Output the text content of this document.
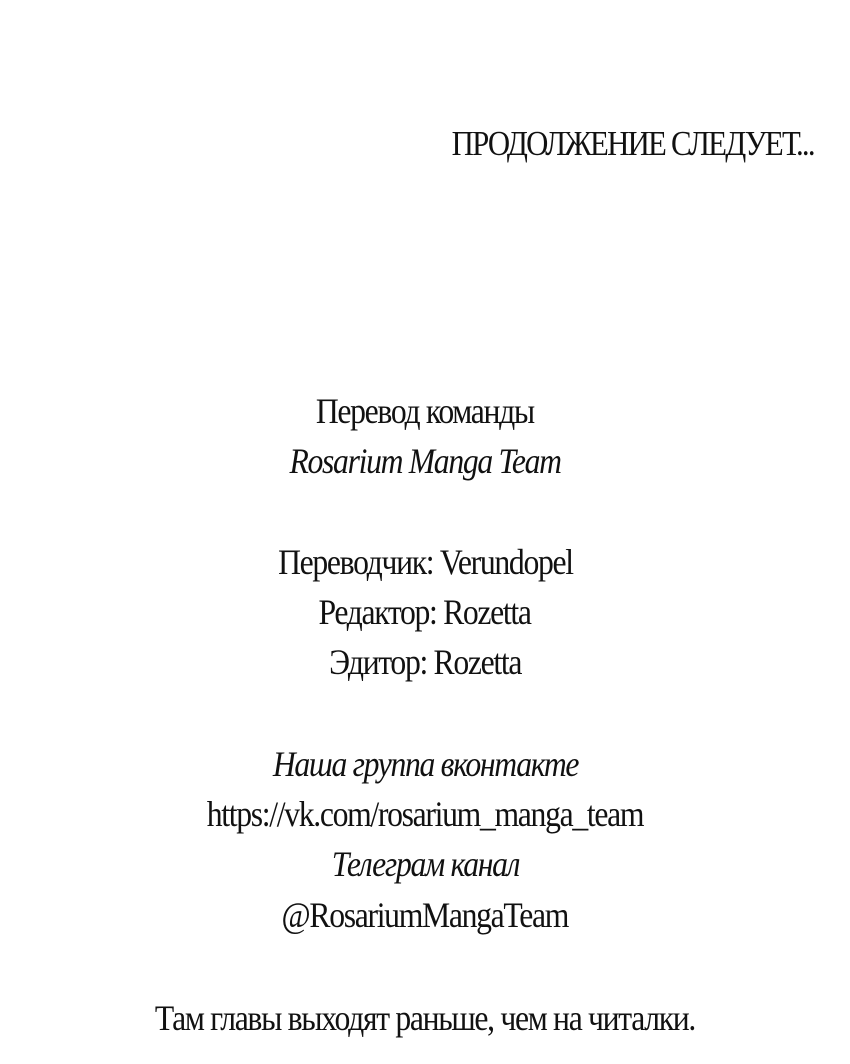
ПРОДОЛЖЕНИЕ СЛЕДУЕТ...
Перевод команды
Rosarium Manga Team
Переводчик: Verundopel
Редактор: Rozetta
Эдитор: Rozetta
Наша группа вконтакте
https://vk.com/rosarium_manga_team
Телеграм канал
@RosariumMangaTeam
Там главы выходят раньше, чем на читалки.
